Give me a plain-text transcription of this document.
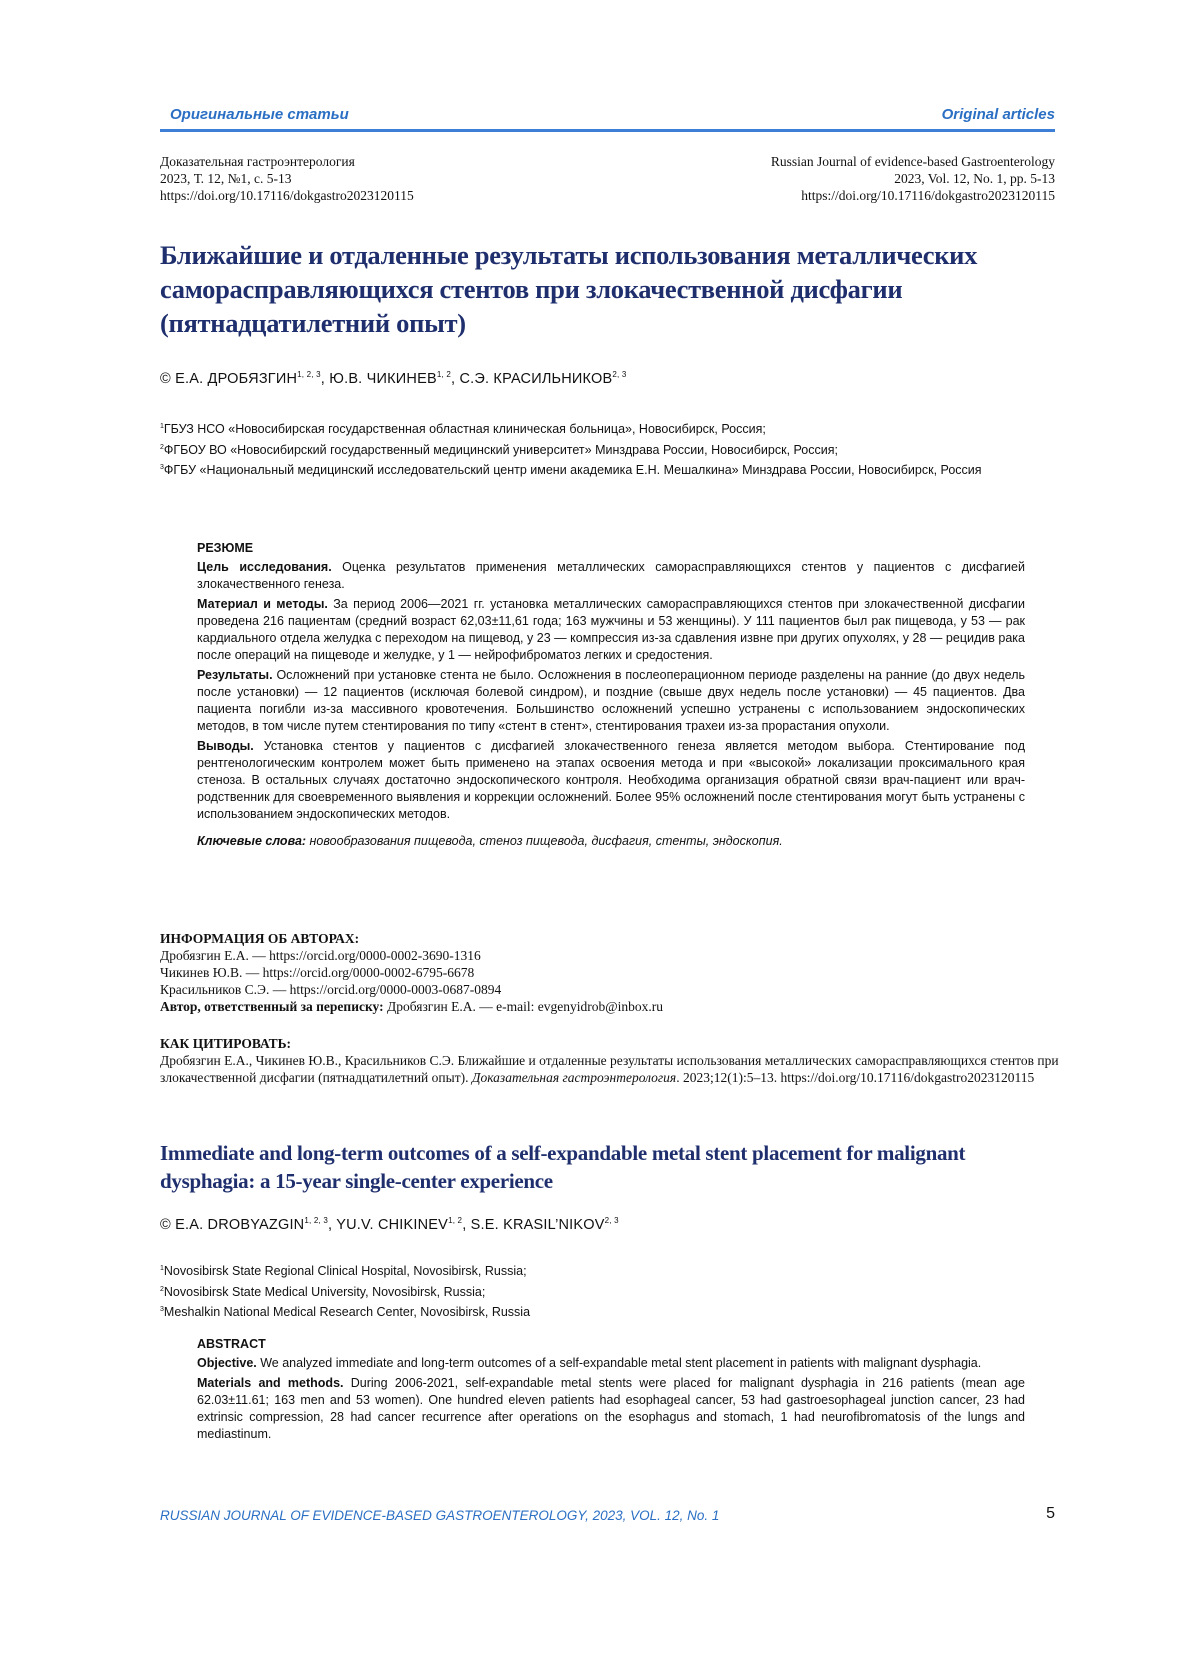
Оригинальные статьи	Original articles
Доказательная гастроэнтерология
2023, Т. 12, №1, с. 5-13
https://doi.org/10.17116/dokgastro2023120115
Russian Journal of evidence-based Gastroenterology
2023, Vol. 12, No. 1, pp. 5-13
https://doi.org/10.17116/dokgastro2023120115
Ближайшие и отдаленные результаты использования металлических
самораспрaвляющихся стентов при злокачественной дисфагии
(пятнадцатилетний опыт)
© Е.А. ДРОБЯЗГИН$^{1, 2, 3}$, Ю.В. ЧИКИНЕВ$^{1, 2}$, С.Э. КРАСИЛЬНИКОВ$^{2, 3}$
$^1$ГБУЗ НСО «Новосибирская государственная областная клиническая больница», Новосибирск, Россия;
$^2$ФГБОУ ВО «Новосибирский государственный медицинский университет» Минздрава России, Новосибирск, Россия;
$^3$ФГБУ «Национальный медицинский исследовательский центр имени академика Е.Н. Мешалкина» Минздрава России, Новосибирск, Россия
РЕЗЮМЕ

Цель исследования. Оценка результатов применения металлических самораспрaвляющихся стентов у пациентов с дисфагией злокачественного генеза.

Материал и методы. За период 2006—2021 гг. установка металлических самораспрaвляющихся стентов при злокачественной дисфагии проведена 216 пациентам (средний возраст 62,03±11,61 года; 163 мужчины и 53 женщины). У 111 пациентов был рак пищевода, у 53 — рак кардиального отдела желудка с переходом на пищевод, у 23 — компрессия из-за сдавления извне при других опухолях, у 28 — рецидив рака после операций на пищеводе и желудке, у 1 — нейрофиброматоз легких и средостения.

Результаты. Осложнений при установке стента не было. Осложнения в послеоперационном периоде разделены на ранние (до двух недель после установки) — 12 пациентов (исключая болевой синдром), и поздние (свыше двух недель после установки) — 45 пациентов. Два пациента погибли из-за массивного кровотечения. Большинство осложнений успешно устранены с использованием эндоскопических методов, в том числе путем стентирования по типу «стент в стент», стентирования трахеи из-за прорастания опухоли.

Выводы. Установка стентов у пациентов с дисфагией злокачественного генеза является методом выбора. Стентирование под рентгенологическим контролем может быть применено на этапах освоения метода и при «высокой» локализации проксимального края стеноза. В остальных случаях достаточно эндоскопического контроля. Необходима организация обратной связи врач-пациент или врач-родственник для своевременного выявления и коррекции осложнений. Более 95% осложнений после стентирования могут быть устранены с использованием эндоскопических методов.

Ключевые слова: новообразования пищевода, стеноз пищевода, дисфагия, стенты, эндоскопия.

ИНФОРМАЦИЯ ОБ АВТОРАХ:
Дробязгин Е.А. — https://orcid.org/0000-0002-3690-1316
Чикинев Ю.В. — https://orcid.org/0000-0002-6795-6678
Красильников С.Э. — https://orcid.org/0000-0003-0687-0894
Автор, ответственный за переписку: Дробязгин Е.А. — e-mail: evgenyidrob@inbox.ru
КАК ЦИТИРОВАТЬ:
Дробязгин Е.А., Чикинев Ю.В., Красильников С.Э. Ближайшие и отдаленные результаты использования металлических самораспрaвляющихся стентов при злокачественной дисфагии (пятнадцатилетний опыт). Доказательная гастроэнтерология. 2023;12(1):5–13. https://doi.org/10.17116/dokgastro2023120115
Immediate and long-term outcomes of a self-expandable metal stent placement for malignant
dysphagia: a 15-year single-center experience
© E.A. DROBYAZGIN$^{1, 2, 3}$, YU.V. CHIKINEV$^{1, 2}$, S.E. KRASIL’NIKOV$^{2, 3}$
$^1$Novosibirsk State Regional Clinical Hospital, Novosibirsk, Russia;
$^2$Novosibirsk State Medical University, Novosibirsk, Russia;
$^3$Meshalkin National Medical Research Center, Novosibirsk, Russia
ABSTRACT

Objective. We analyzed immediate and long-term outcomes of a self-expandable metal stent placement in patients with malignant dysphagia.

Materials and methods. During 2006-2021, self-expandable metal stents were placed for malignant dysphagia in 216 patients (mean age 62.03±11.61; 163 men and 53 women). One hundred eleven patients had esophageal cancer, 53 had gastroesophageal junction cancer, 23 had extrinsic compression, 28 had cancer recurrence after operations on the esophagus and stomach, 1 had neurofibromatosis of the lungs and mediastinum.

RUSSIAN JOURNAL OF EVIDENCE-BASED GASTROENTEROLOGY, 2023, VOL. 12, No. 1	5
